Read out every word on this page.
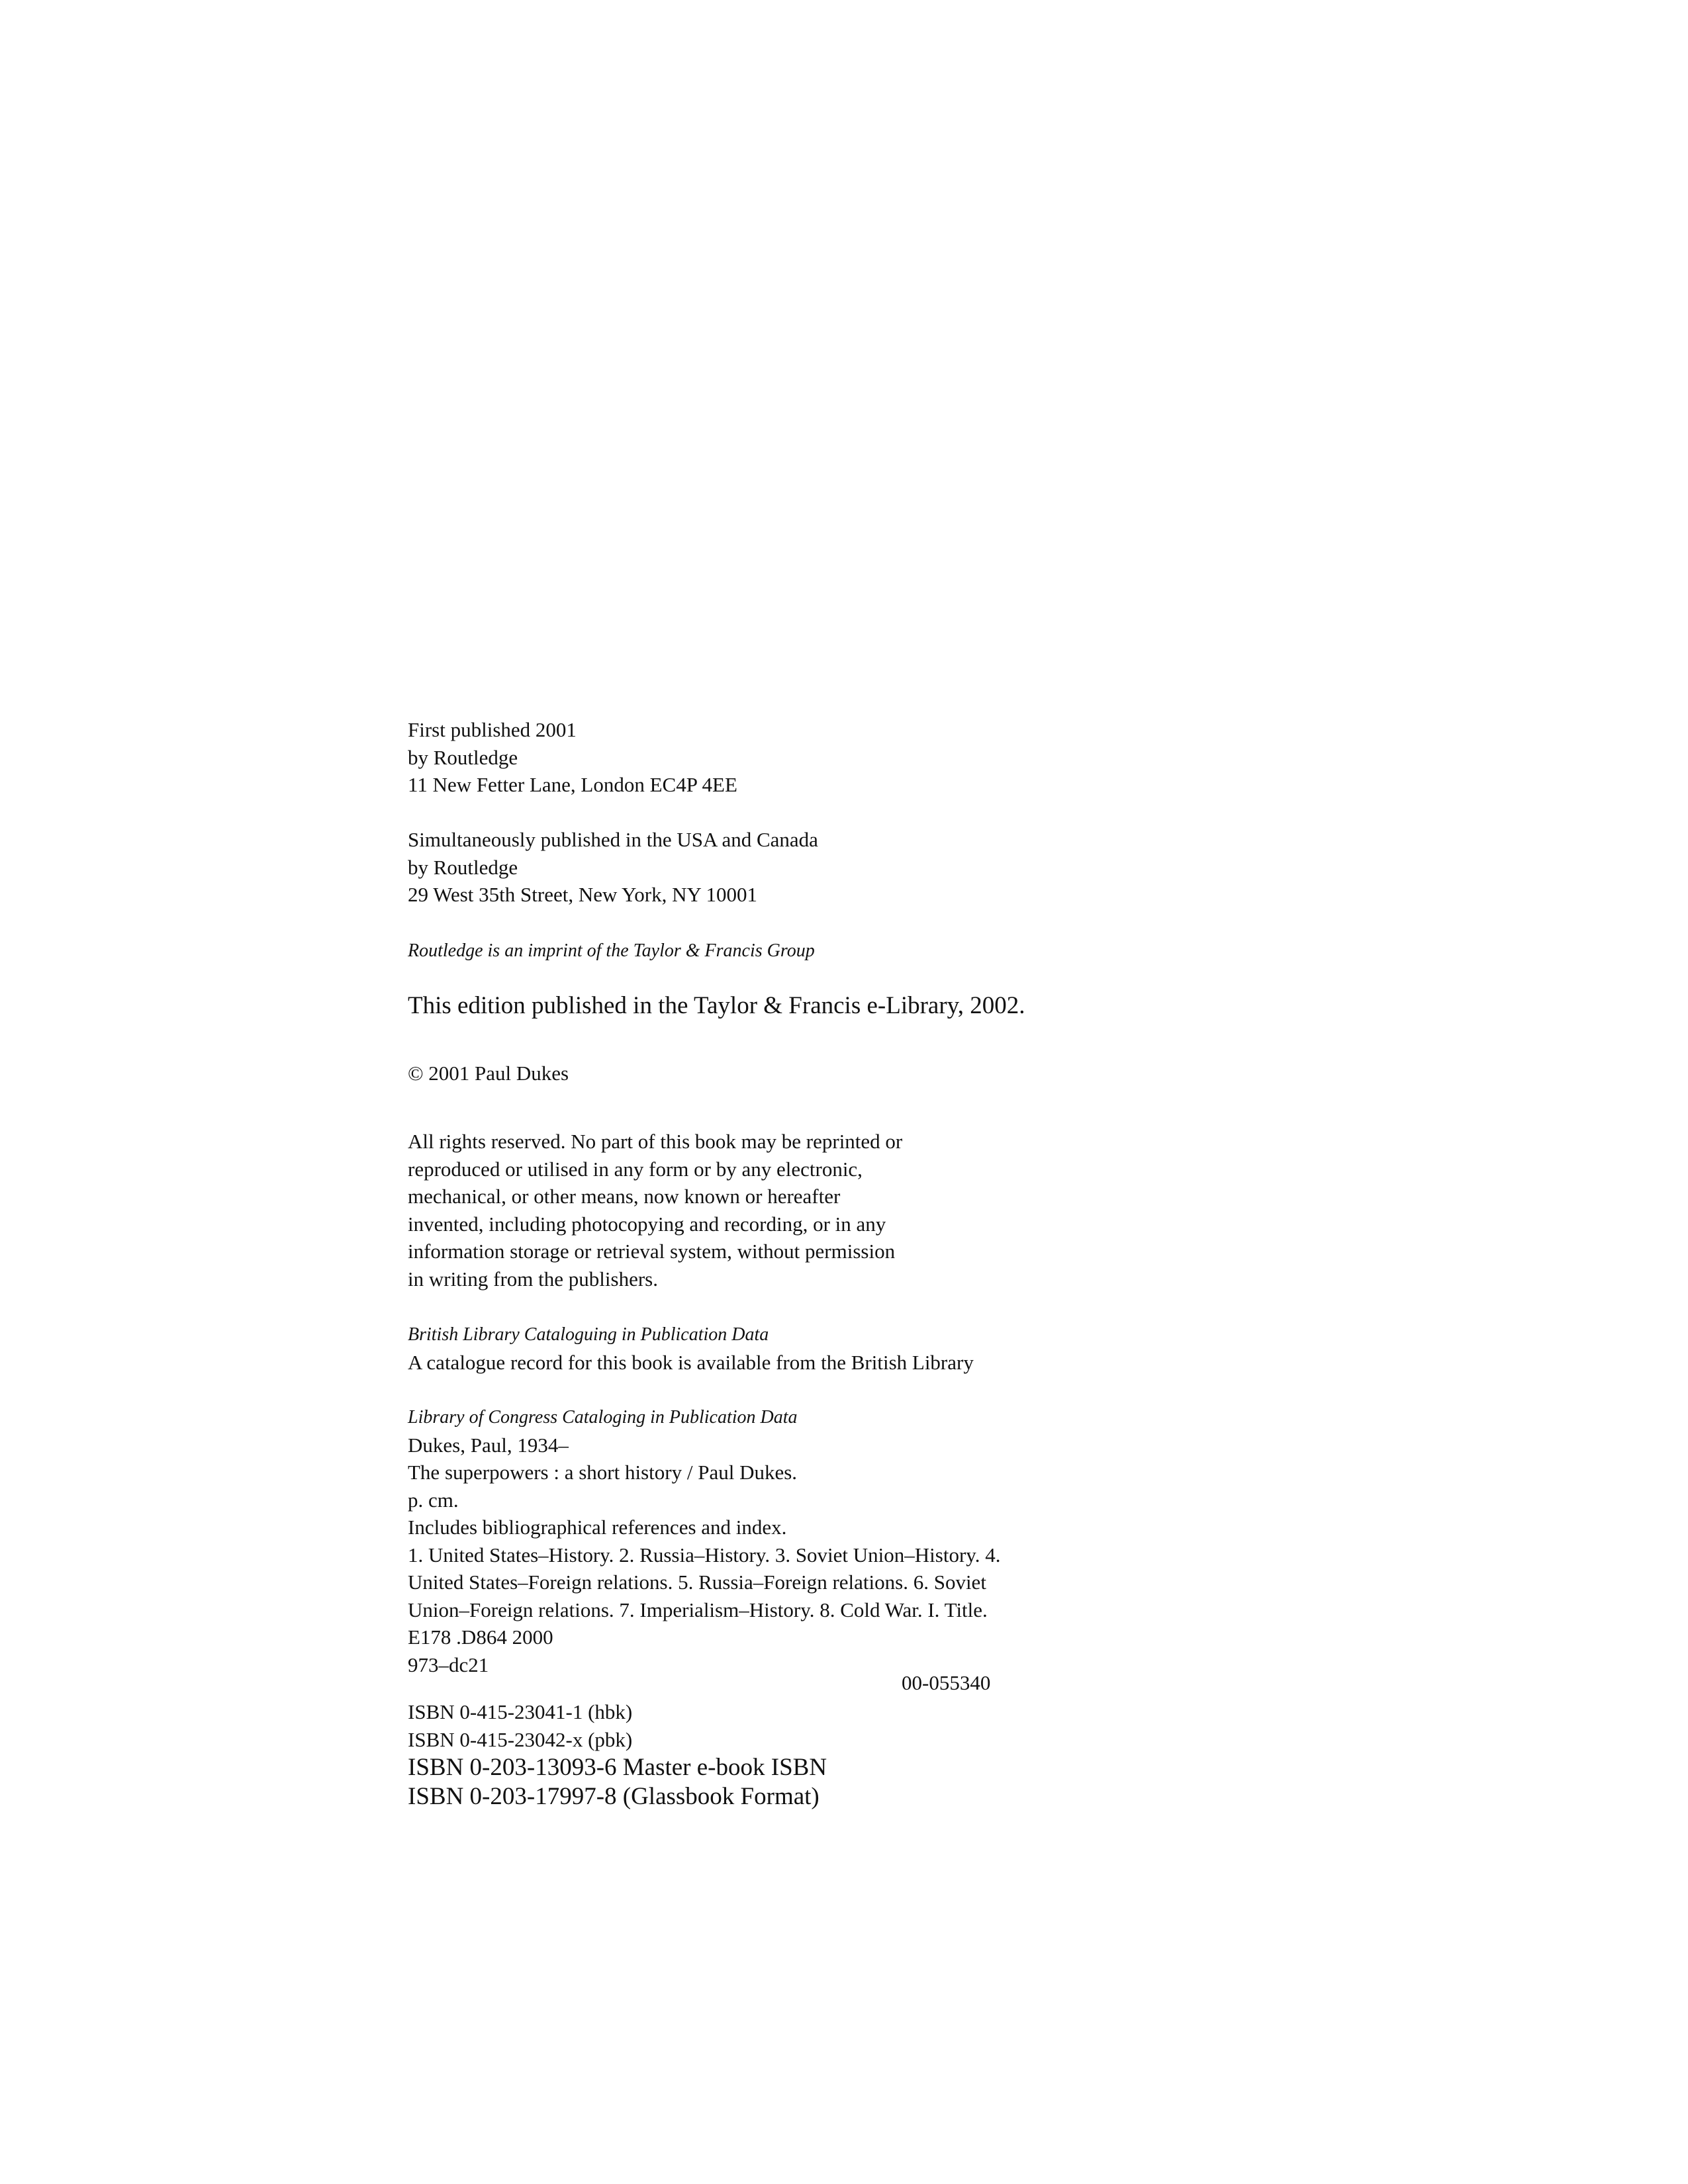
First published 2001
by Routledge
11 New Fetter Lane, London EC4P 4EE
Simultaneously published in the USA and Canada
by Routledge
29 West 35th Street, New York, NY 10001
Routledge is an imprint of the Taylor & Francis Group
This edition published in the Taylor & Francis e-Library, 2002.
© 2001 Paul Dukes
All rights reserved. No part of this book may be reprinted or
reproduced or utilised in any form or by any electronic,
mechanical, or other means, now known or hereafter
invented, including photocopying and recording, or in any
information storage or retrieval system, without permission
in writing from the publishers.
British Library Cataloguing in Publication Data
A catalogue record for this book is available from the British Library
Library of Congress Cataloging in Publication Data
Dukes, Paul, 1934–
The superpowers : a short history / Paul Dukes.
p. cm.
Includes bibliographical references and index.
1. United States–History. 2. Russia–History. 3. Soviet Union–History. 4.
United States–Foreign relations. 5. Russia–Foreign relations. 6. Soviet
Union–Foreign relations. 7. Imperialism–History. 8. Cold War. I. Title.
E178 .D864 2000
973–dc21
00-055340
ISBN 0-415-23041-1 (hbk)
ISBN 0-415-23042-x (pbk)
ISBN 0-203-13093-6 Master e-book ISBN
ISBN 0-203-17997-8 (Glassbook Format)
